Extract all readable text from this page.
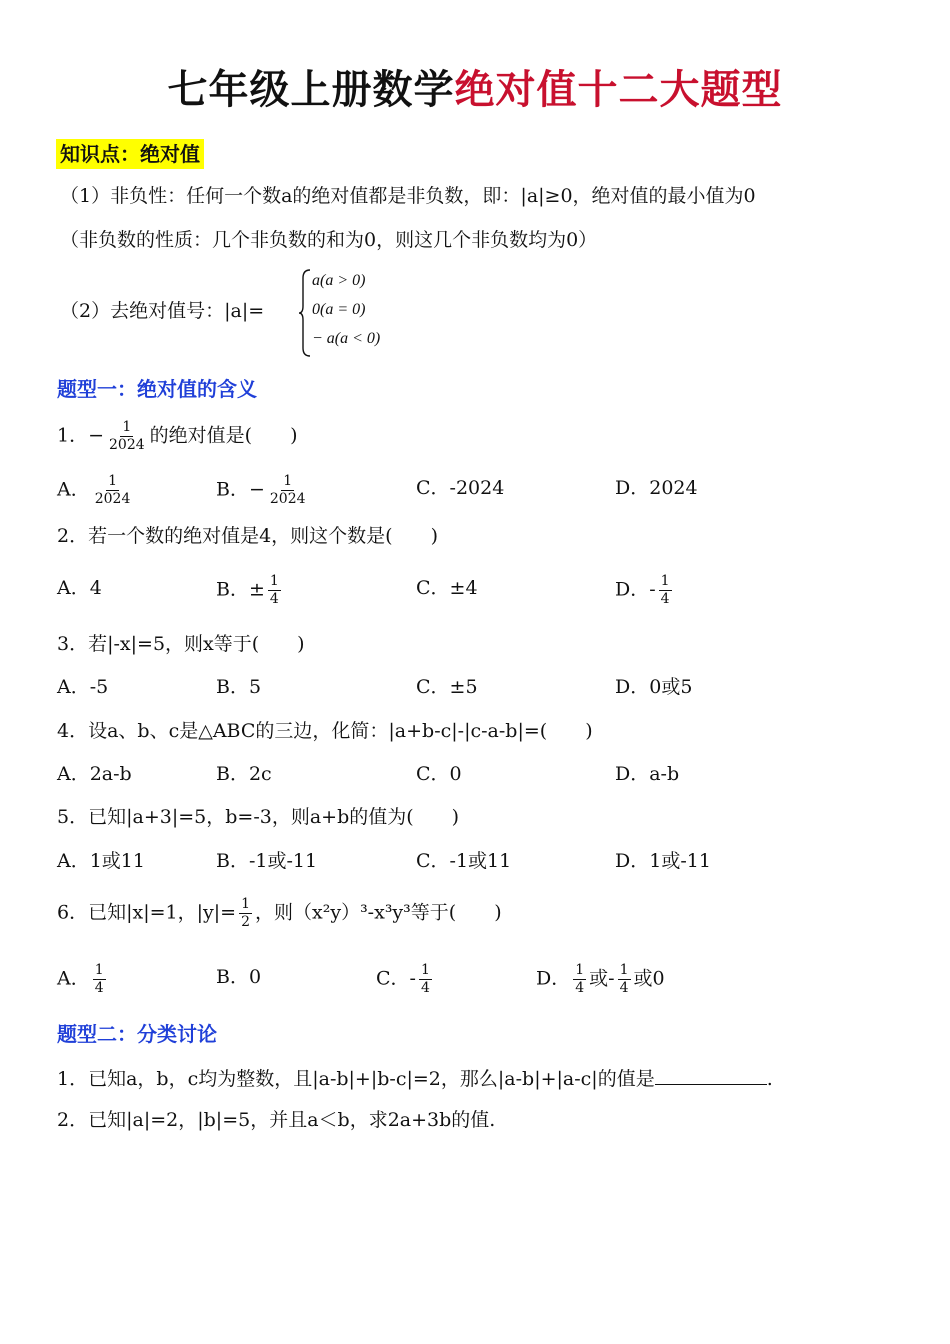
七年级上册数学绝对值十二大题型
知识点：绝对值
（1）非负性：任何一个数a的绝对值都是非负数，即：|a|≥0，绝对值的最小值为0
（非负数的性质：几个非负数的和为0，则这几个非负数均为0）
（2）去绝对值号：|a|=
a(a > 0)
0(a = 0)
− a(a < 0)
题型一：绝对值的含义
1．− $\frac{1}{2024}$ 的绝对值是(　　)
A． $\frac{1}{2024}$	B．− $\frac{1}{2024}$	C．-2024	D．2024
2．若一个数的绝对值是4，则这个数是(　　)
A．4	B．± $\frac{1}{4}$	C．±4	D．- $\frac{1}{4}$
3．若|-x|=5，则x等于(　　)
A．-5	B．5	C．±5	D．0或5
4．设a、b、c是△ABC的三边，化简：|a+b-c|-|c-a-b|=(　　)
A．2a-b	B．2c	C．0	D．a-b
5．已知|a+3|=5，b=-3，则a+b的值为(　　)
A．1或11	B．-1或-11	C．-1或11	D．1或-11
6．已知|x|=1，$|y|= \frac{1}{2}$ ，则（x²y）³-x³y³等于(　　)
A． $\frac{1}{4}$	B．0	C．- $\frac{1}{4}$	D． $\frac{1}{4}$ 或- $\frac{1}{4}$ 或0
题型二：分类讨论
1．已知a，b，c均为整数，且|a-b|+|b-c|=2，那么|a-b|+|a-c|的值是	.
2．已知|a|=2，|b|=5，并且a＜b，求2a+3b的值.
